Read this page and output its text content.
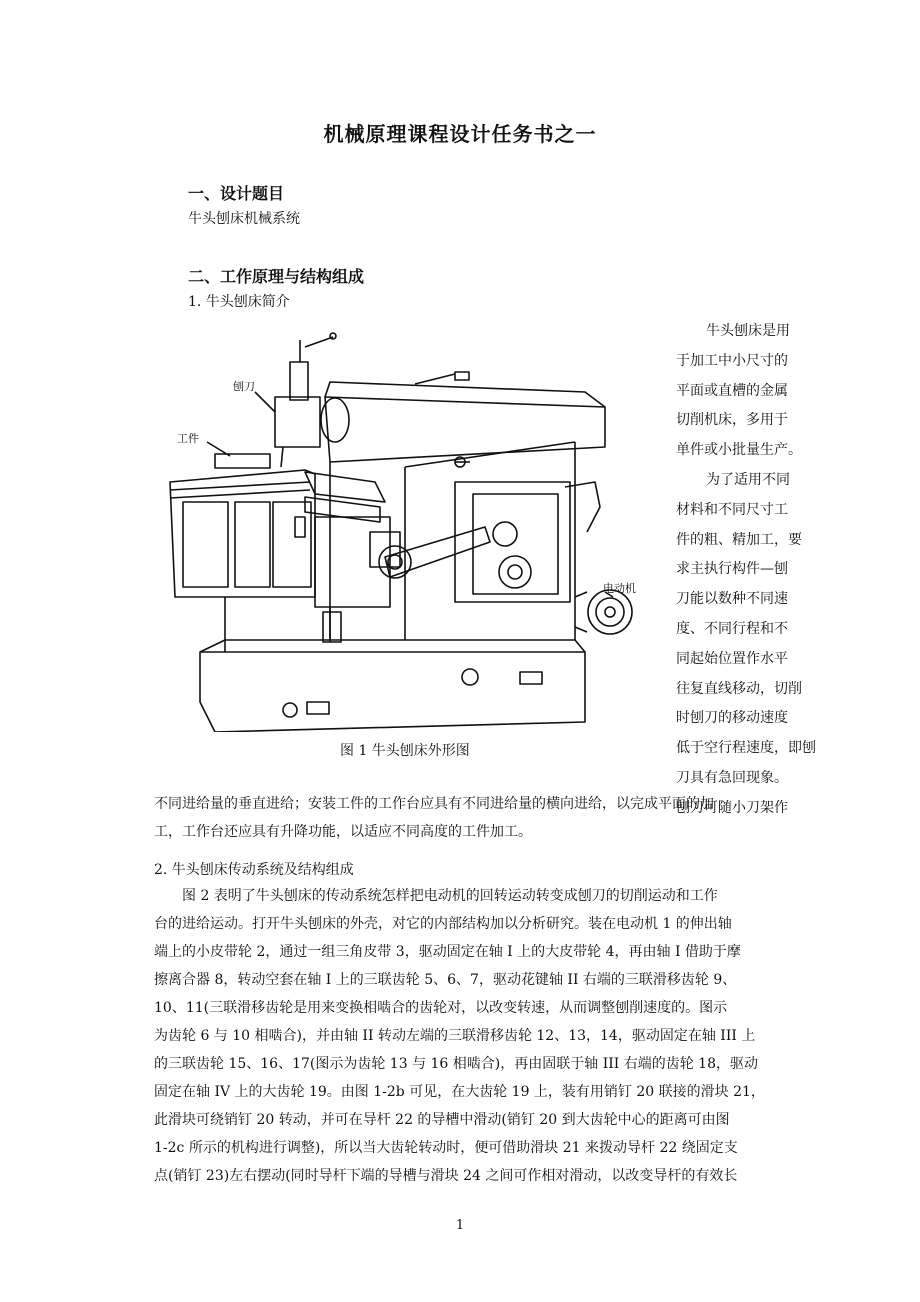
机械原理课程设计任务书之一
一、设计题目
牛头刨床机械系统
二、工作原理与结构组成
1. 牛头刨床简介
刨刀
工件
电动机
图 1 牛头刨床外形图

牛头刨床是用

于加工中小尺寸的

平面或直槽的金属

切削机床，多用于

单件或小批量生产。

为了适用不同

材料和不同尺寸工

件的粗、精加工，要

求主执行构件—刨

刀能以数种不同速

度、不同行程和不

同起始位置作水平

往复直线移动，切削

时刨刀的移动速度

低于空行程速度，即刨

刀具有急回现象。

刨刀可随小刀架作

不同进给量的垂直进给；安装工件的工作台应具有不同进给量的横向进给，以完成平面的加

工，工作台还应具有升降功能，以适应不同高度的工件加工。

2. 牛头刨床传动系统及结构组成

图 2 表明了牛头刨床的传动系统怎样把电动机的回转运动转变成刨刀的切削运动和工作

台的进给运动。打开牛头刨床的外壳，对它的内部结构加以分析研究。装在电动机 1 的伸出轴

端上的小皮带轮 2，通过一组三角皮带 3，驱动固定在轴 I 上的大皮带轮 4，再由轴 I 借助于摩

擦离合器 8，转动空套在轴 I 上的三联齿轮 5、6、7，驱动花键轴 II 右端的三联滑移齿轮 9、

10、11(三联滑移齿轮是用来变换相啮合的齿轮对，以改变转速，从而调整刨削速度的。图示

为齿轮 6 与 10 相啮合)，并由轴 II 转动左端的三联滑移齿轮 12、13，14，驱动固定在轴 III 上

的三联齿轮 15、16、17(图示为齿轮 13 与 16 相啮合)，再由固联于轴 III 右端的齿轮 18，驱动

固定在轴 IV 上的大齿轮 19。由图 1-2b 可见，在大齿轮 19 上，装有用销钉 20 联接的滑块 21，

此滑块可绕销钉 20 转动，并可在导杆 22 的导槽中滑动(销钉 20 到大齿轮中心的距离可由图

1-2c 所示的机构进行调整)，所以当大齿轮转动时，便可借助滑块 21 来拨动导杆 22 绕固定支

点(销钉 23)左右摆动(同时导杆下端的导槽与滑块 24 之间可作相对滑动，以改变导杆的有效长

1
